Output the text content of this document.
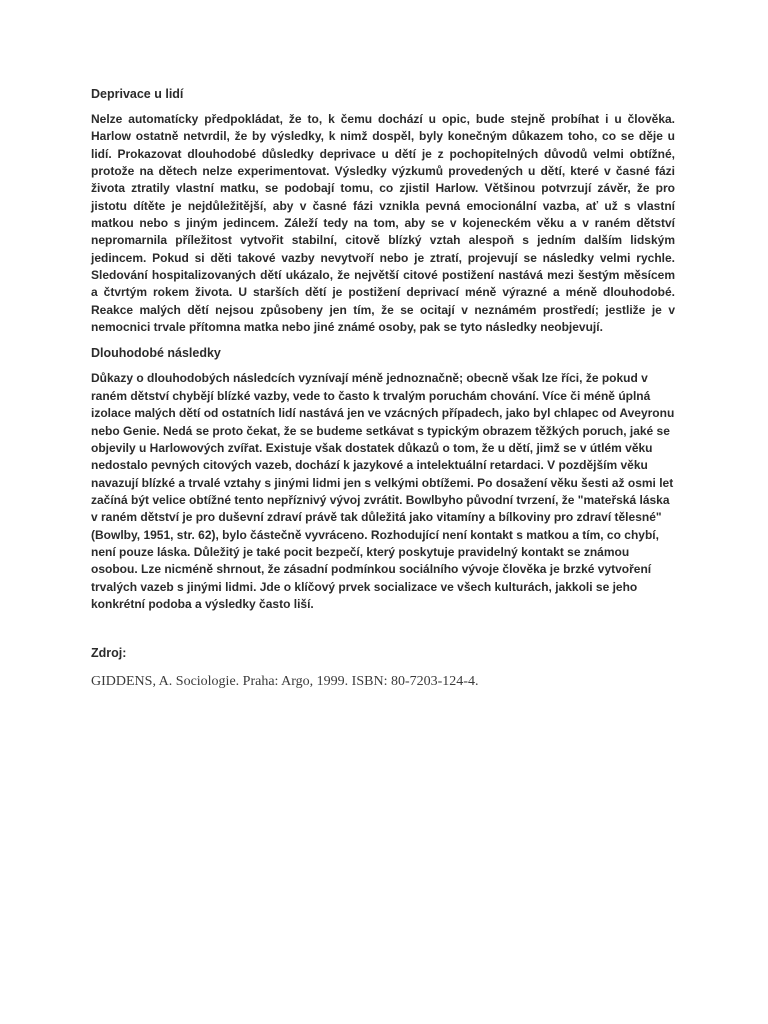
Deprivace u lidí

Nelze automatícky předpokládat, že to, k čemu dochází u opic, bude stejně probíhat i u člověka. Harlow ostatně netvrdil, že by výsledky, k nimž dospěl, byly konečným důkazem toho, co se děje u lidí. Prokazovat dlouhodobé důsledky deprivace u dětí je z pochopitelných důvodů velmi obtížné, protože na dětech nelze experimentovat. Výsledky výzkumů provedených u dětí, které v časné fázi života ztratily vlastní matku, se podobají tomu, co zjistil Harlow. Většinou potvrzují závěr, že pro jistotu dítěte je nejdůležitější, aby v časné fázi vznikla pevná emocionální vazba, ať už s vlastní matkou nebo s jiným jedincem. Záleží tedy na tom, aby se v kojeneckém věku a v raném dětství nepromarnila příležitost vytvořit stabilní, citově blízký vztah alespoň s jedním dalším lidským jedincem. Pokud si děti takové vazby nevytvoří nebo je ztratí, projevují se následky velmi rychle. Sledování hospitalizovaných dětí ukázalo, že největší citové postižení nastává mezi šestým měsícem a čtvrtým rokem života. U starších dětí je postižení deprivací méně výrazné a méně dlouhodobé. Reakce malých dětí nejsou způsobeny jen tím, že se ocitají v neznámém prostředí; jestliže je v nemocnici trvale přítomna matka nebo jiné známé osoby, pak se tyto následky neobjevují.

Dlouhodobé následky

Důkazy o dlouhodobých následcích vyznívají méně jednoznačně; obecně však lze říci, že pokud v raném dětství chybějí blízké vazby, vede to často k trvalým poruchám chování. Více či méně úplná izolace malých dětí od ostatních lidí nastává jen ve vzácných případech, jako byl chlapec od Aveyronu nebo Genie. Nedá se proto čekat, že se budeme setkávat s typickým obrazem těžkých poruch, jaké se objevily u Harlowových zvířat. Existuje však dostatek důkazů o tom, že u dětí, jimž se v útlém věku nedostalo pevných citových vazeb, dochází k jazykové a intelektuální retardaci. V pozdějším věku navazují blízké a trvalé vztahy s jinými lidmi jen s velkými obtížemi. Po dosažení věku šesti až osmi let začíná být velice obtížné tento nepříznivý vývoj zvrátit. Bowlbyho původní tvrzení, že "mateřská láska v raném dětství je pro duševní zdraví právě tak důležitá jako vitamíny a bílkoviny pro zdraví tělesné" (Bowlby, 1951, str. 62), bylo částečně vyvráceno. Rozhodující není kontakt s matkou a tím, co chybí, není pouze láska. Důležitý je také pocit bezpečí, který poskytuje pravidelný kontakt se známou osobou. Lze nicméně shrnout, že zásadní podmínkou sociálního vývoje člověka je brzké vytvoření trvalých vazeb s jinými lidmi. Jde o klíčový prvek socializace ve všech kulturách, jakkoli se jeho konkrétní podoba a výsledky často liší.

Zdroj:

GIDDENS, A. Sociologie. Praha: Argo, 1999. ISBN: 80-7203-124-4.
